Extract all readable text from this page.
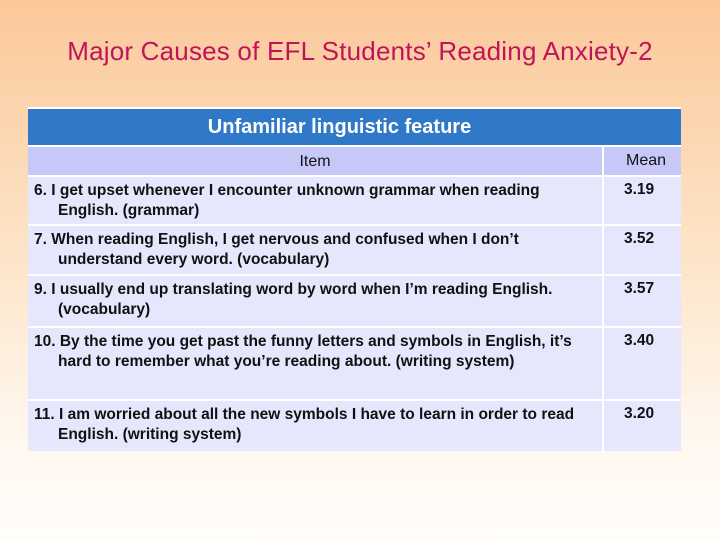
Major Causes of EFL Students’ Reading Anxiety-2
Unfamiliar linguistic feature
Item	Mean
6. I get upset whenever I encounter unknown grammar when reading English. (grammar)
3.19
7. When reading English, I get nervous and confused when I don’t understand every word. (vocabulary)
3.52
9. I usually end up translating word by word when I’m reading English. (vocabulary)
3.57
10. By the time you get past the funny letters and symbols in English, it’s hard to remember what you’re reading about. (writing system)
3.40
11. I am worried about all the new symbols I have to learn in order to read English. (writing system)
3.20
